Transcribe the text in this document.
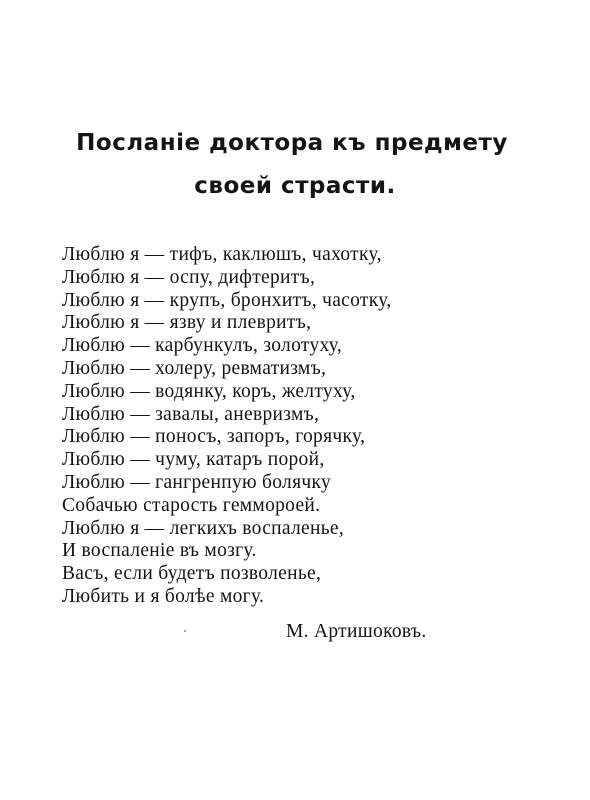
Посланіе доктора къ предмету
своей страсти.
Люблю я — тифъ, каклюшъ, чахотку,
Люблю я — оспу, дифтеритъ,
Люблю я — крупъ, бронхитъ, часотку,
Люблю я — язву и плевритъ,
Люблю — карбункулъ, золотуху,
Люблю — холеру, ревматизмъ,
Люблю — водянку, коръ, желтуху,
Люблю — завалы, аневризмъ,
Люблю — поносъ, запоръ, горячку,
Люблю — чуму, катаръ порой,
Люблю — гангренпую болячку
Собачью старость геммороей.
Люблю я — легкихъ воспаленье,
И воспаленіе въ мозгу.
Васъ, если будетъ позволенье,
Любить и я болѣе могу.
М. Артишоковъ.
